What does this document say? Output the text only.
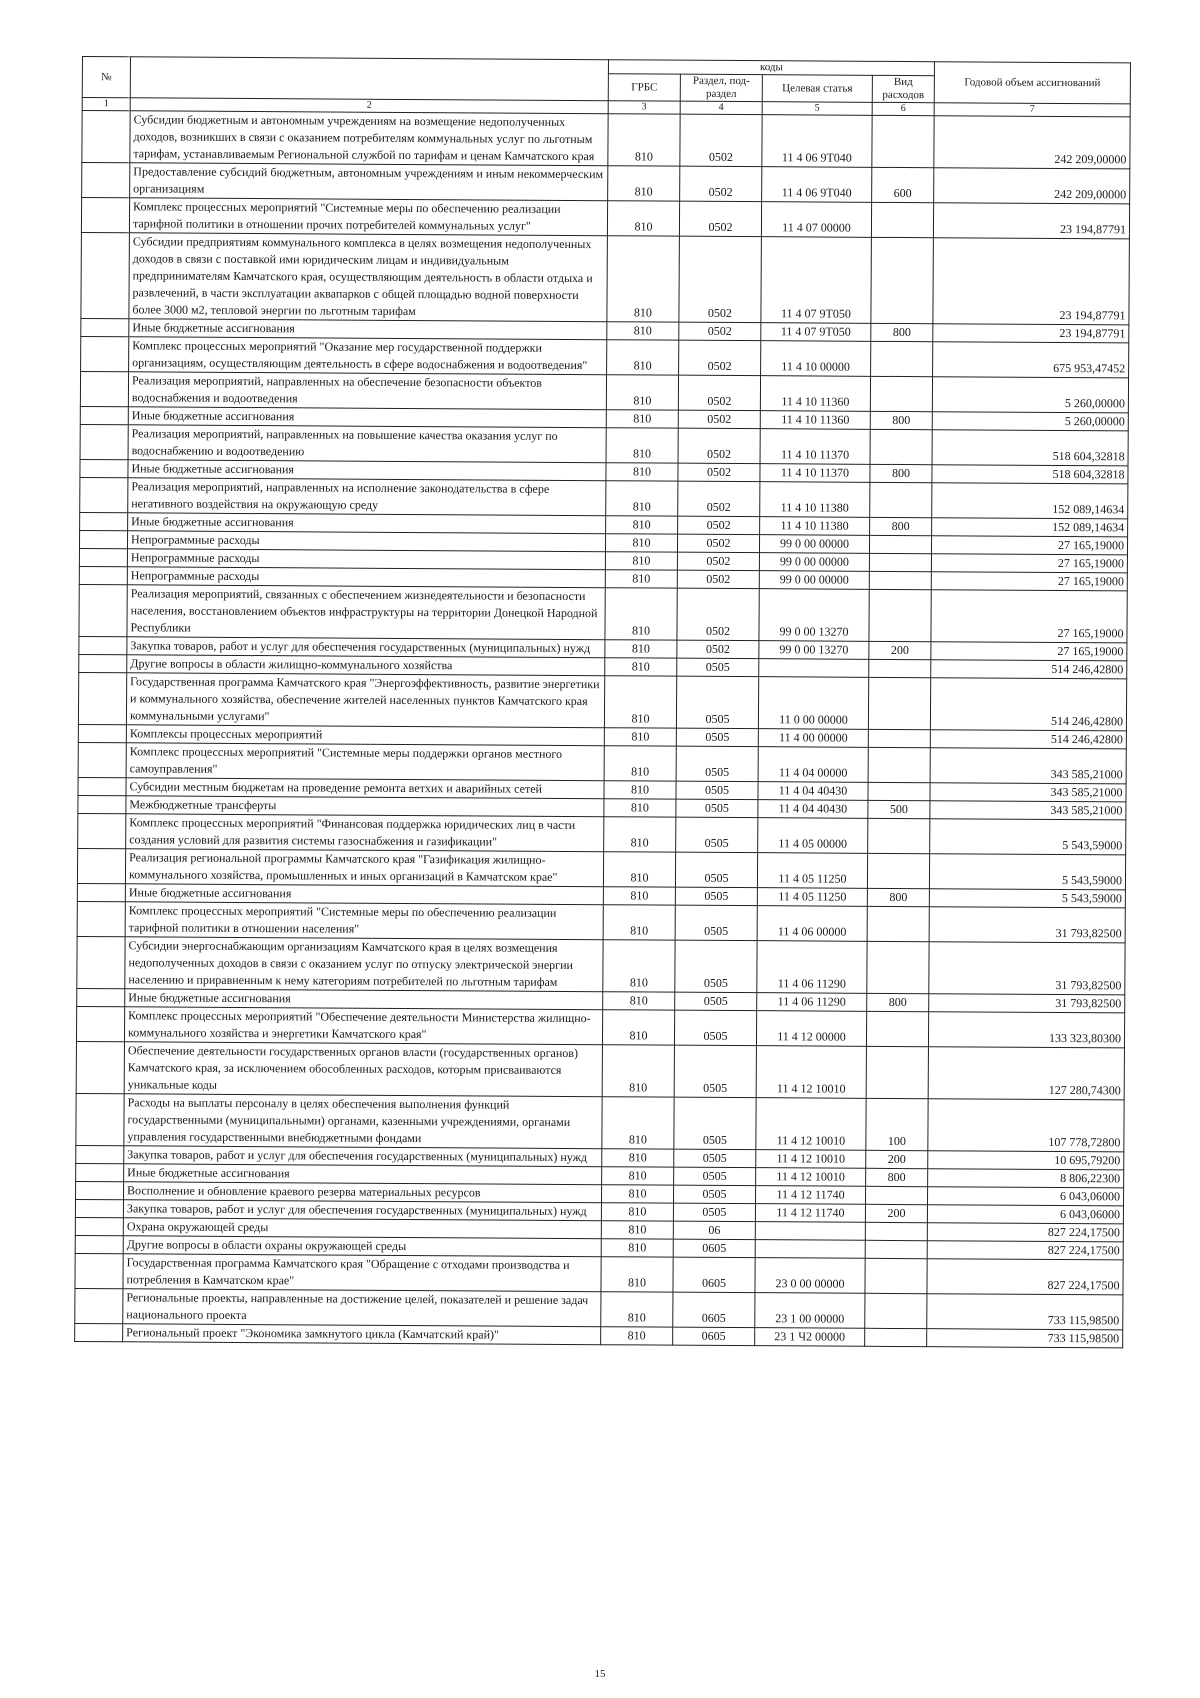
№		коды				Годовой объем ассигнований
		ГРБС	Раздел, под-раздел	Целевая статья	Вид расходов	
1	2	3	4	5	6	7

	Субсидии бюджетным и автономным учреждениям на возмещение недополученных доходов, возникших в связи с оказанием потребителям коммунальных услуг по льготным тарифам, устанавливаемым Региональной службой по тарифам и ценам Камчатского края	810	0502	11 4 06 9Т040		242 209,00000

	Предоставление субсидий бюджетным, автономным учреждениям и иным некоммерческим организациям	810	0502	11 4 06 9Т040	600	242 209,00000

	Комплекс процессных мероприятий "Системные меры по обеспечению реализации тарифной политики в отношении прочих потребителей коммунальных услуг"	810	0502	11 4 07 00000		23 194,87791

	Субсидии предприятиям коммунального комплекса в целях возмещения недополученных доходов в связи с поставкой ими юридическим лицам и индивидуальным предпринимателям Камчатского края, осуществляющим деятельность в области отдыха и развлечений, в части эксплуатации аквапарков с общей площадью водной поверхности более 3000 м2, тепловой энергии по льготным тарифам	810	0502	11 4 07 9Т050		23 194,87791

	Иные бюджетные ассигнования	810	0502	11 4 07 9Т050	800	23 194,87791

	Комплекс процессных мероприятий "Оказание мер государственной поддержки организациям, осуществляющим деятельность в сфере водоснабжения и водоотведения"	810	0502	11 4 10 00000		675 953,47452

	Реализация мероприятий, направленных на обеспечение безопасности объектов водоснабжения и водоотведения	810	0502	11 4 10 11360		5 260,00000

	Иные бюджетные ассигнования	810	0502	11 4 10 11360	800	5 260,00000

	Реализация мероприятий, направленных на повышение качества оказания услуг по водоснабжению и водоотведению	810	0502	11 4 10 11370		518 604,32818

	Иные бюджетные ассигнования	810	0502	11 4 10 11370	800	518 604,32818

	Реализация мероприятий, направленных на исполнение законодательства в сфере негативного воздействия на окружающую среду	810	0502	11 4 10 11380		152 089,14634

	Иные бюджетные ассигнования	810	0502	11 4 10 11380	800	152 089,14634

	Непрограммные расходы	810	0502	99 0 00 00000		27 165,19000

	Непрограммные расходы	810	0502	99 0 00 00000		27 165,19000

	Непрограммные расходы	810	0502	99 0 00 00000		27 165,19000

	Реализация мероприятий, связанных с обеспечением жизнедеятельности и безопасности населения, восстановлением объектов инфраструктуры на территории Донецкой Народной Республики	810	0502	99 0 00 13270		27 165,19000

	Закупка товаров, работ и услуг для обеспечения государственных (муниципальных) нужд	810	0502	99 0 00 13270	200	27 165,19000

	Другие вопросы в области жилищно-коммунального хозяйства	810	0505			514 246,42800

	Государственная программа Камчатского края "Энергоэффективность, развитие энергетики и коммунального хозяйства, обеспечение жителей населенных пунктов Камчатского края коммунальными услугами"	810	0505	11 0 00 00000		514 246,42800

	Комплексы процессных мероприятий	810	0505	11 4 00 00000		514 246,42800

	Комплекс процессных мероприятий "Системные меры поддержки органов местного самоуправления"	810	0505	11 4 04 00000		343 585,21000

	Субсидии местным бюджетам на проведение ремонта ветхих и аварийных сетей	810	0505	11 4 04 40430		343 585,21000

	Межбюджетные трансферты	810	0505	11 4 04 40430	500	343 585,21000

	Комплекс процессных мероприятий "Финансовая поддержка юридических лиц в части создания условий для развития системы газоснабжения и газификации"	810	0505	11 4 05 00000		5 543,59000

	Реализация региональной программы Камчатского края "Газификация жилищно-коммунального хозяйства, промышленных и иных организаций в Камчатском крае"	810	0505	11 4 05 11250		5 543,59000

	Иные бюджетные ассигнования	810	0505	11 4 05 11250	800	5 543,59000

	Комплекс процессных мероприятий "Системные меры по обеспечению реализации тарифной политики в отношении населения"	810	0505	11 4 06 00000		31 793,82500

	Субсидии энергоснабжающим организациям Камчатского края в целях возмещения недополученных доходов в связи с оказанием услуг по отпуску электрической энергии населению и приравненным к нему категориям потребителей по льготным тарифам	810	0505	11 4 06 11290		31 793,82500

	Иные бюджетные ассигнования	810	0505	11 4 06 11290	800	31 793,82500

	Комплекс процессных мероприятий "Обеспечение деятельности Министерства жилищно-коммунального хозяйства и энергетики Камчатского края"	810	0505	11 4 12 00000		133 323,80300

	Обеспечение деятельности государственных органов власти (государственных органов) Камчатского края, за исключением обособленных расходов, которым присваиваются уникальные коды	810	0505	11 4 12 10010		127 280,74300

	Расходы на выплаты персоналу в целях обеспечения выполнения функций государственными (муниципальными) органами, казенными учреждениями, органами управления государственными внебюджетными фондами	810	0505	11 4 12 10010	100	107 778,72800

	Закупка товаров, работ и услуг для обеспечения государственных (муниципальных) нужд	810	0505	11 4 12 10010	200	10 695,79200

	Иные бюджетные ассигнования	810	0505	11 4 12 10010	800	8 806,22300

	Восполнение и обновление краевого резерва материальных ресурсов	810	0505	11 4 12 11740		6 043,06000

	Закупка товаров, работ и услуг для обеспечения государственных (муниципальных) нужд	810	0505	11 4 12 11740	200	6 043,06000

	Охрана окружающей среды	810	06			827 224,17500

	Другие вопросы в области охраны окружающей среды	810	0605			827 224,17500

	Государственная программа Камчатского края "Обращение с отходами производства и потребления в Камчатском крае"	810	0605	23 0 00 00000		827 224,17500

	Региональные проекты, направленные на достижение целей, показателей и решение задач национального проекта	810	0605	23 1 00 00000		733 115,98500

	Региональный проект "Экономика замкнутого цикла (Камчатский край)"	810	0605	23 1 Ч2 00000		733 115,98500
15
